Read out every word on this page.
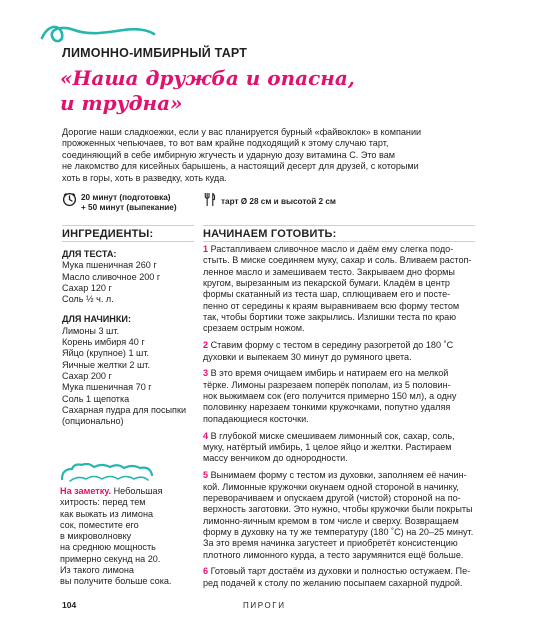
ЛИМОННО-ИМБИРНЫЙ ТАРТ
«Наша дружба и опасна,
и трудна»
Дорогие наши сладкоежки, если у вас планируется бурный «файвоклок» в компании
прожженных чепьючаев, то вот вам крайне подходящий к этому случаю тарт,
соединяющий в себе имбирную жгучесть и ударную дозу витамина С. Это вам
не лакомство для кисейных барышень, а настоящий десерт для друзей, с которыми
хоть в горы, хоть в разведку, хоть куда.
20 минут (подготовка)
+ 50 минут (выпекание)
тарт Ø 28 см и высотой 2 см
ИНГРЕДИЕНТЫ:	НАЧИНАЕМ ГОТОВИТЬ:
ДЛЯ ТЕСТА:
Мука пшеничная 260 г
Масло сливочное 200 г
Сахар 120 г
Соль ½ ч. л.
ДЛЯ НАЧИНКИ:
Лимоны 3 шт.
Корень имбиря 40 г
Яйцо (крупное) 1 шт.
Яичные желтки 2 шт.
Сахар 200 г
Мука пшеничная 70 г
Соль 1 щепотка
Сахарная пудра для посыпки
(опционально)
1 Растапливаем сливочное масло и даём ему слегка подо-
стыть. В миске соединяем муку, сахар и соль. Вливаем растоп-
ленное масло и замешиваем тесто. Закрываем дно формы
кругом, вырезанным из пекарской бумаги. Кладём в центр
формы скатанный из теста шар, сплющиваем его и посте-
пенно от середины к краям выравниваем всю форму тестом
так, чтобы бортики тоже закрылись. Излишки теста по краю
срезаем острым ножом.
2 Ставим форму с тестом в середину разогретой до 180 ˚С
духовки и выпекаем 30 минут до румяного цвета.
3 В это время очищаем имбирь и натираем его на мелкой
тёрке. Лимоны разрезаем поперёк пополам, из 5 половин-
нок выжимаем сок (его получится примерно 150 мл), а одну
половинку нарезаем тонкими кружочками, попутно удаляя
попадающиеся косточки.
4 В глубокой миске смешиваем лимонный сок, сахар, соль,
муку, натёртый имбирь, 1 целое яйцо и желтки. Растираем
массу венчиком до однородности.
5 Вынимаем форму с тестом из духовки, заполняем её начин-
кой. Лимонные кружочки окунаем одной стороной в начинку,
переворачиваем и опускаем другой (чистой) стороной на по-
верхность заготовки. Это нужно, чтобы кружочки были покрыты
лимонно-яичным кремом в том числе и сверху. Возвращаем
форму в духовку на ту же температуру (180 ˚С) на 20–25 минут.
За это время начинка загустеет и приобретёт консистенцию
плотного лимонного курда, а тесто зарумянится ещё больше.
6 Готовый тарт достаём из духовки и полностью остужаем. Пе-
ред подачей к столу по желанию посыпаем сахарной пудрой.
На заметку. Небольшая
хитрость: перед тем
как выжать из лимона
сок, поместите его
в микроволновку
на среднюю мощность
примерно секунд на 20.
Из такого лимона
вы получите больше сока.
104	ПИРОГИ
